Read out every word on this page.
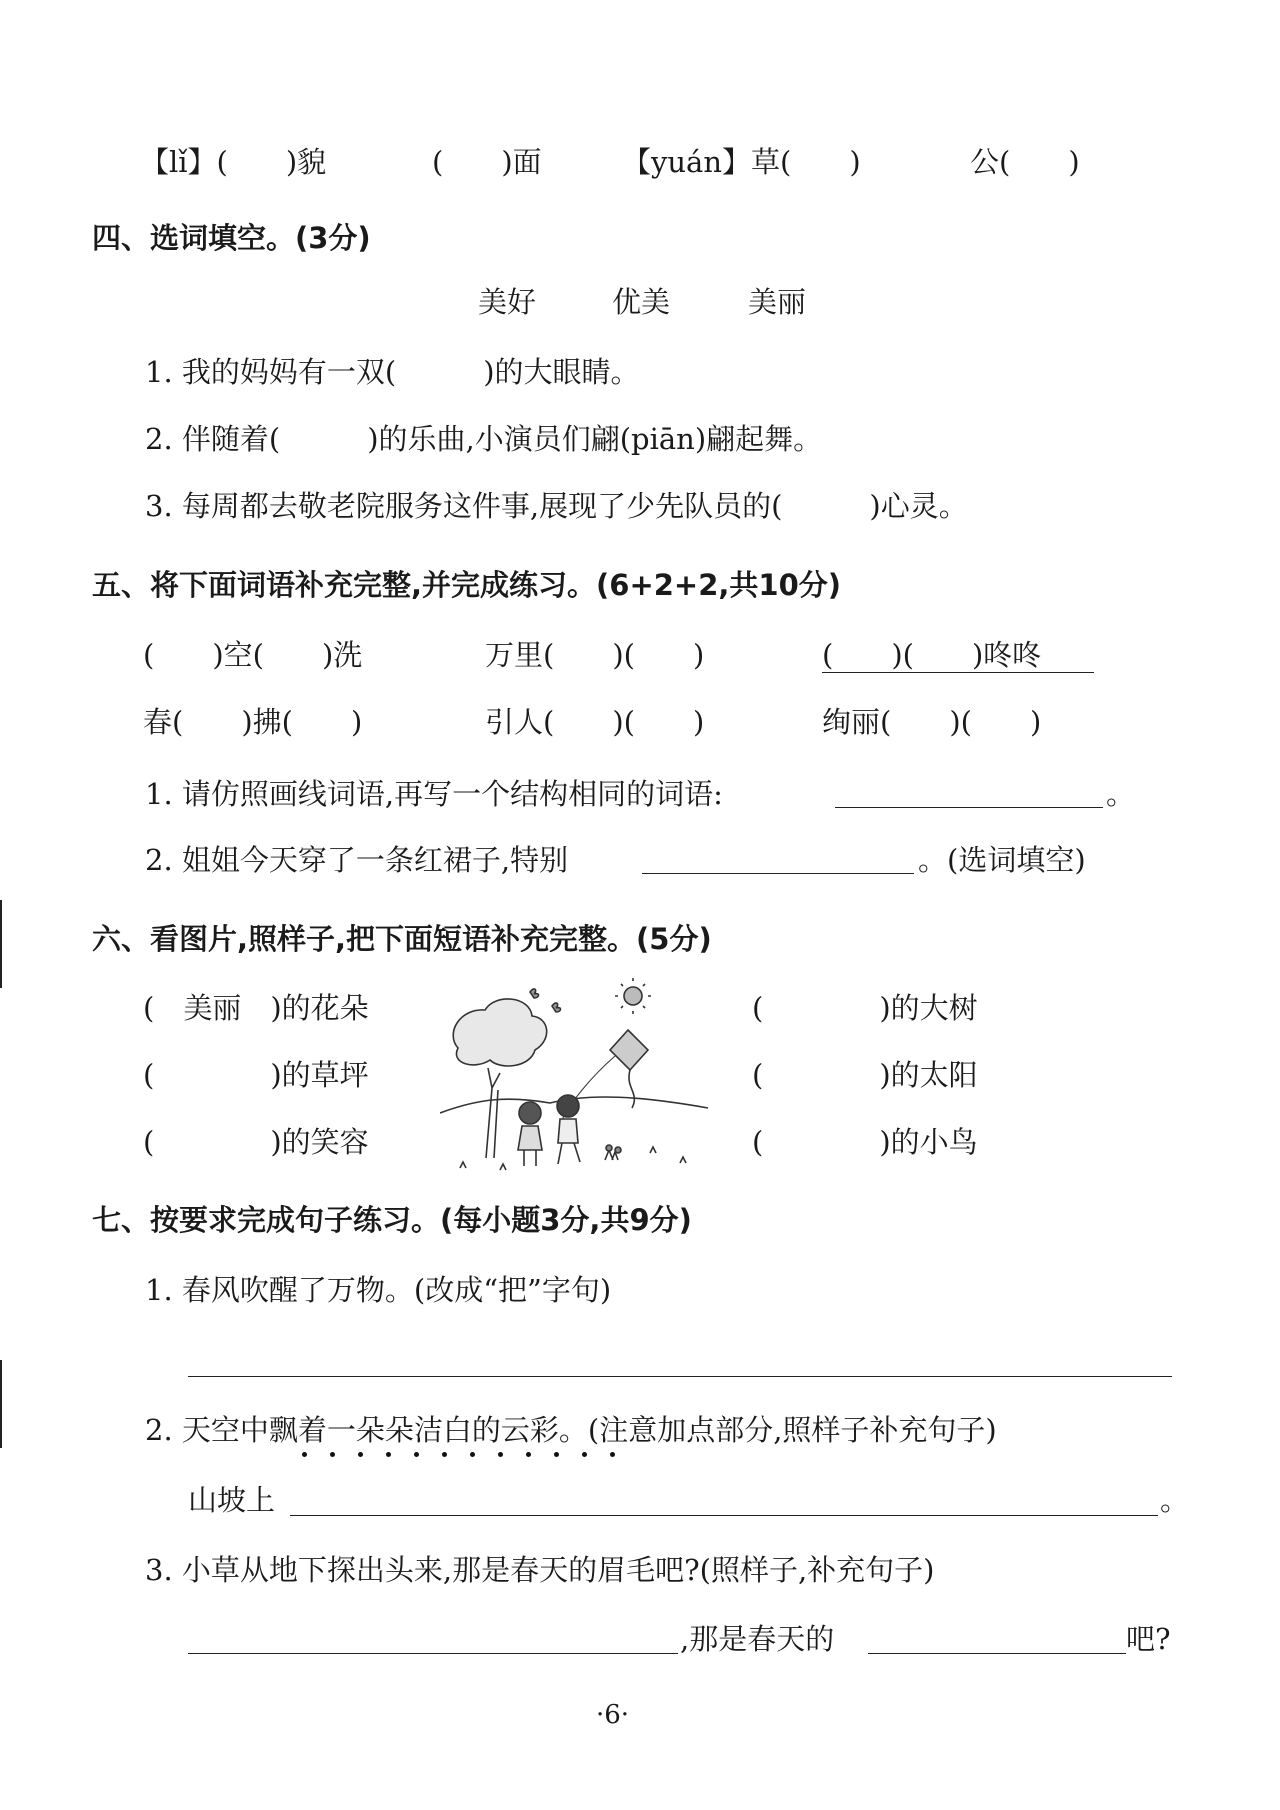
【lǐ】(　　)貌	(　　)面	【yuán】草(　　)	公(　　)
四、选词填空。(3分)
美好	优美	美丽
1. 我的妈妈有一双(　　　)的大眼睛。
2. 伴随着(　　　)的乐曲,小演员们翩(piān)翩起舞。
3. 每周都去敬老院服务这件事,展现了少先队员的(　　　)心灵。
五、将下面词语补充完整,并完成练习。(6+2+2,共10分)
(　　)空(　　)洗	万里(　　)(　　)	(　　)(　　)咚咚
春(　　)拂(　　)	引人(　　)(　　)	绚丽(　　)(　　)
1. 请仿照画线词语,再写一个结构相同的词语:	。
2. 姐姐今天穿了一条红裙子,特别	。(选词填空)
六、看图片,照样子,把下面短语补充完整。(5分)
(　美丽　)的花朵
(　　　　)的草坪
(　　　　)的笑容
(　　　　)的大树
(　　　　)的太阳
(　　　　)的小鸟
七、按要求完成句子练习。(每小题3分,共9分)
1. 春风吹醒了万物。(改成“把”字句)
2. 天空中飘着一朵朵洁白的云彩。(注意加点部分,照样子补充句子)
山坡上	。
3. 小草从地下探出头来,那是春天的眉毛吧?(照样子,补充句子)
,那是春天的	吧?
·6·
